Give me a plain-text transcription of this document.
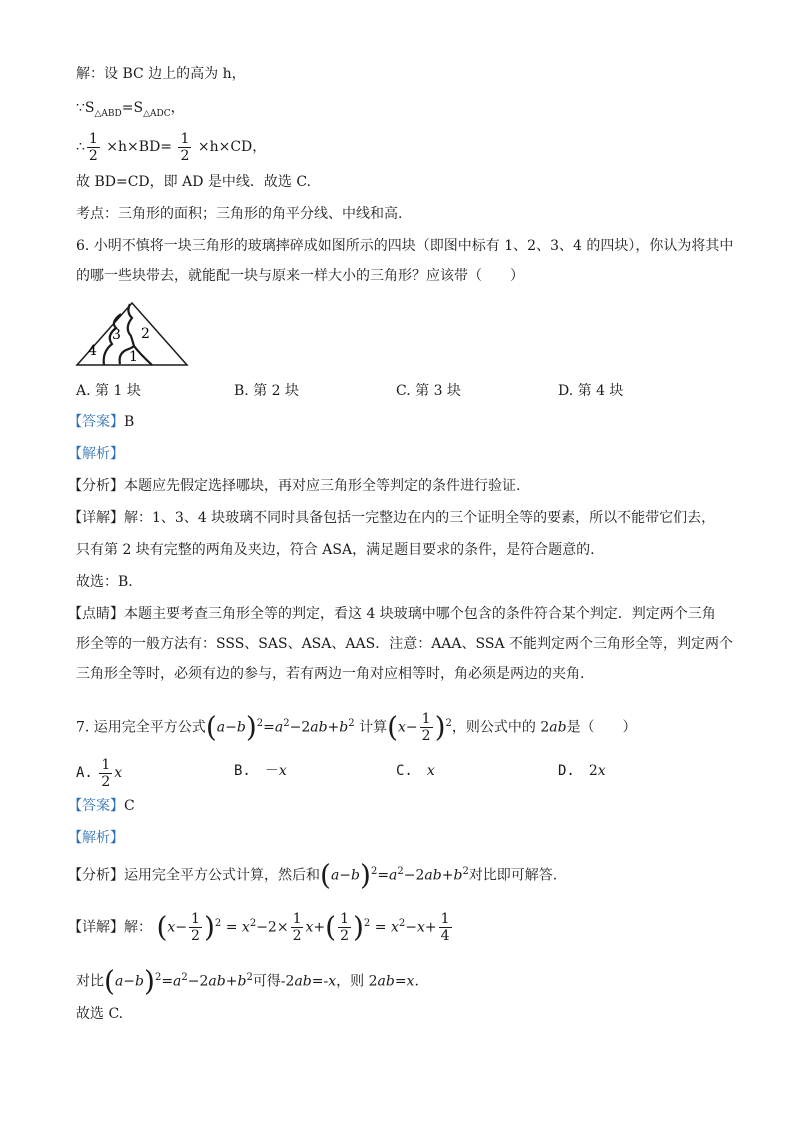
解：设 BC 边上的高为 h，
$\because S_{\triangle ABD}=S_{\triangle ADC}$，
∴ $\frac{1}{2} \times h\times BD= \frac{1}{2} \times h\times CD$，
故 BD=CD，即 AD 是中线．故选 C.
考点：三角形的面积；三角形的角平分线、中线和高.
6. 小明不慎将一块三角形的玻璃摔碎成如图所示的四块（即图中标有 1、2、3、4 的四块），你认为将其中
的哪一些块带去，就能配一块与原来一样大小的三角形？应该带（　　）
3 2
4 1
A. 第 1 块	B. 第 2 块	C. 第 3 块	D. 第 4 块
【答案】B
【解析】
【分析】本题应先假定选择哪块，再对应三角形全等判定的条件进行验证.
【详解】解：1、3、4 块玻璃不同时具备包括一完整边在内的三个证明全等的要素，所以不能带它们去，
只有第 2 块有完整的两角及夹边，符合 ASA，满足题目要求的条件，是符合题意的.
故选：B.
【点睛】本题主要考查三角形全等的判定，看这 4 块玻璃中哪个包含的条件符合某个判定．判定两个三角
形全等的一般方法有：SSS、SAS、ASA、AAS．注意：AAA、SSA 不能判定两个三角形全等，判定两个
三角形全等时，必须有边的参与，若有两边一角对应相等时，角必须是两边的夹角.
7. 运用完全平方公式$(a-b)^2=a^2-2ab+b^2$ 计算$(x- \frac{1}{2} )^2$，则公式中的 2ab是（　　）
A. $\frac{1}{2}$ x	B.　 －x	C.　 x	D.　 2x
【答案】C
【解析】
【分析】运用完全平方公式计算，然后和$(a-b)^2=a^2-2ab+b^2$对比即可解答.
【详解】解： $(x- \frac{1}{2} )^2 = x^2-2\times \frac{1}{2} x+( \frac{1}{2} )^2 = x^2-x+ \frac{1}{4}$
对比$(a-b)^2=a^2-2ab+b^2$可得-2ab=-x，则 2ab=x.
故选 C.
